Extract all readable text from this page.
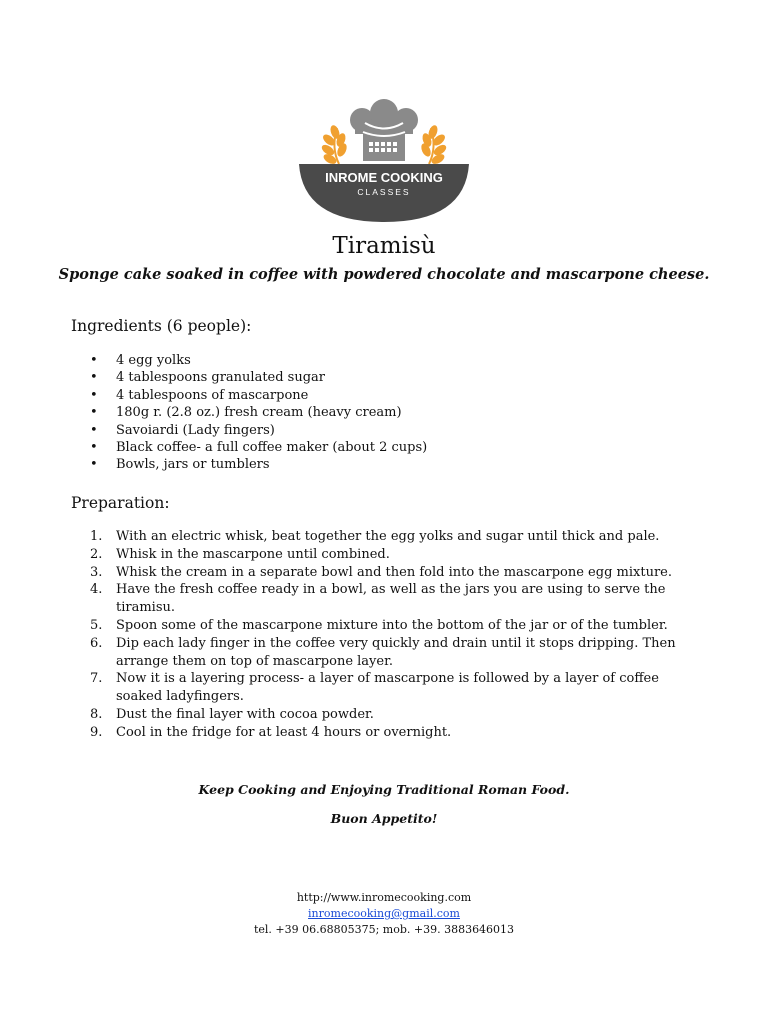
INROME COOKING
CLASSES
Tiramisù
Sponge cake soaked in coffee with powdered chocolate and mascarpone cheese.
Ingredients (6 people):
• 4 egg yolks
• 4 tablespoons granulated sugar
• 4 tablespoons of mascarpone
• 180g r. (2.8 oz.) fresh cream (heavy cream)
• Savoiardi (Lady fingers)
• Black coffee- a full coffee maker (about 2 cups)
• Bowls, jars or tumblers
Preparation:
1. With an electric whisk, beat together the egg yolks and sugar until thick and pale.
2. Whisk in the mascarpone until combined.
3. Whisk the cream in a separate bowl and then fold into the mascarpone egg mixture.
4. Have the fresh coffee ready in a bowl, as well as the jars you are using to serve the tiramisu.
5. Spoon some of the mascarpone mixture into the bottom of the jar or of the tumbler.
6. Dip each lady finger in the coffee very quickly and drain until it stops dripping. Then arrange them on top of mascarpone layer.
7. Now it is a layering process- a layer of mascarpone is followed by a layer of coffee soaked ladyfingers.
8. Dust the final layer with cocoa powder.
9. Cool in the fridge for at least 4 hours or overnight.
Keep Cooking and Enjoying Traditional Roman Food.
Buon Appetito!
http://www.inromecooking.com
inromecooking@gmail.com
tel. +39 06.68805375; mob. +39. 3883646013
